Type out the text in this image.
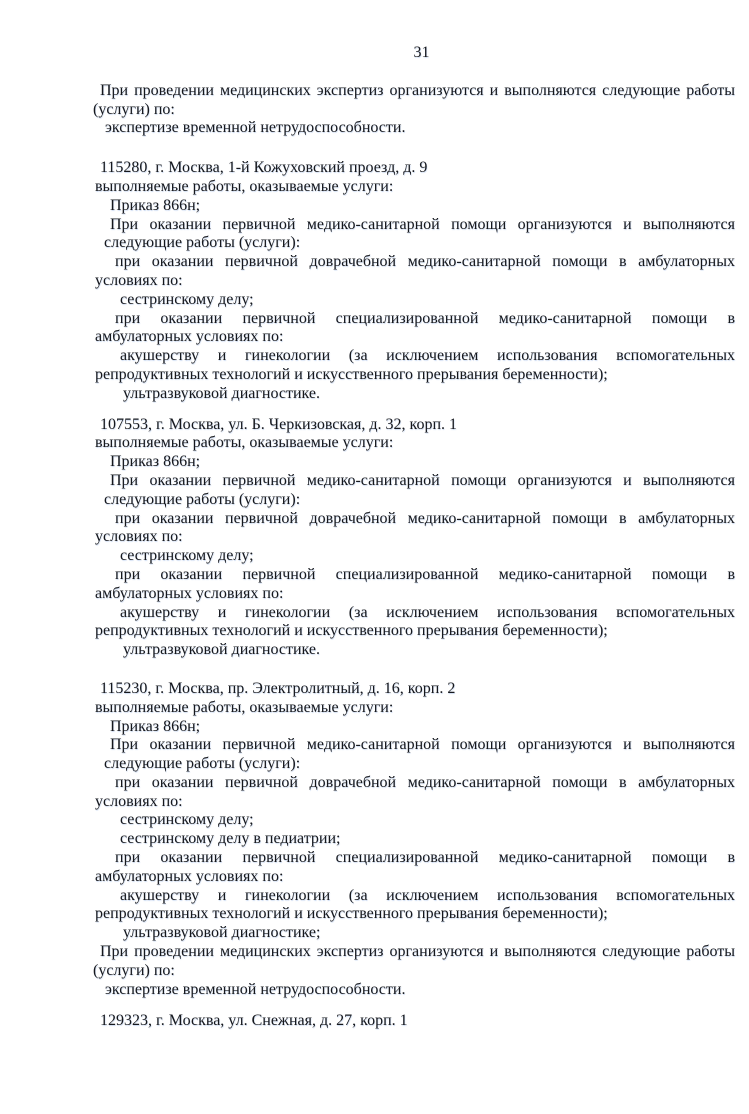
31

При проведении медицинских экспертиз организуются и выполняются следующие работы (услуги) по:

экспертизе временной нетрудоспособности.

115280, г. Москва, 1-й Кожуховский проезд, д. 9

выполняемые работы, оказываемые услуги:

Приказ 866н;

При оказании первичной медико-санитарной помощи организуются и выполняются следующие работы (услуги):

при оказании первичной доврачебной медико-санитарной помощи в амбулаторных условиях по:

сестринскому делу;

при оказании первичной специализированной медико-санитарной помощи в амбулаторных условиях по:

акушерству и гинекологии (за исключением использования вспомогательных репродуктивных технологий и искусственного прерывания беременности);

ультразвуковой диагностике.

107553, г. Москва, ул. Б. Черкизовская, д. 32, корп. 1

выполняемые работы, оказываемые услуги:

Приказ 866н;

При оказании первичной медико-санитарной помощи организуются и выполняются следующие работы (услуги):

при оказании первичной доврачебной медико-санитарной помощи в амбулаторных условиях по:

сестринскому делу;

при оказании первичной специализированной медико-санитарной помощи в амбулаторных условиях по:

акушерству и гинекологии (за исключением использования вспомогательных репродуктивных технологий и искусственного прерывания беременности);

ультразвуковой диагностике.

115230, г. Москва, пр. Электролитный, д. 16, корп. 2

выполняемые работы, оказываемые услуги:

Приказ 866н;

При оказании первичной медико-санитарной помощи организуются и выполняются следующие работы (услуги):

при оказании первичной доврачебной медико-санитарной помощи в амбулаторных условиях по:

сестринскому делу;

сестринскому делу в педиатрии;

при оказании первичной специализированной медико-санитарной помощи в амбулаторных условиях по:

акушерству и гинекологии (за исключением использования вспомогательных репродуктивных технологий и искусственного прерывания беременности);

ультразвуковой диагностике;

При проведении медицинских экспертиз организуются и выполняются следующие работы (услуги) по:

экспертизе временной нетрудоспособности.

129323, г. Москва, ул. Снежная, д. 27, корп. 1
